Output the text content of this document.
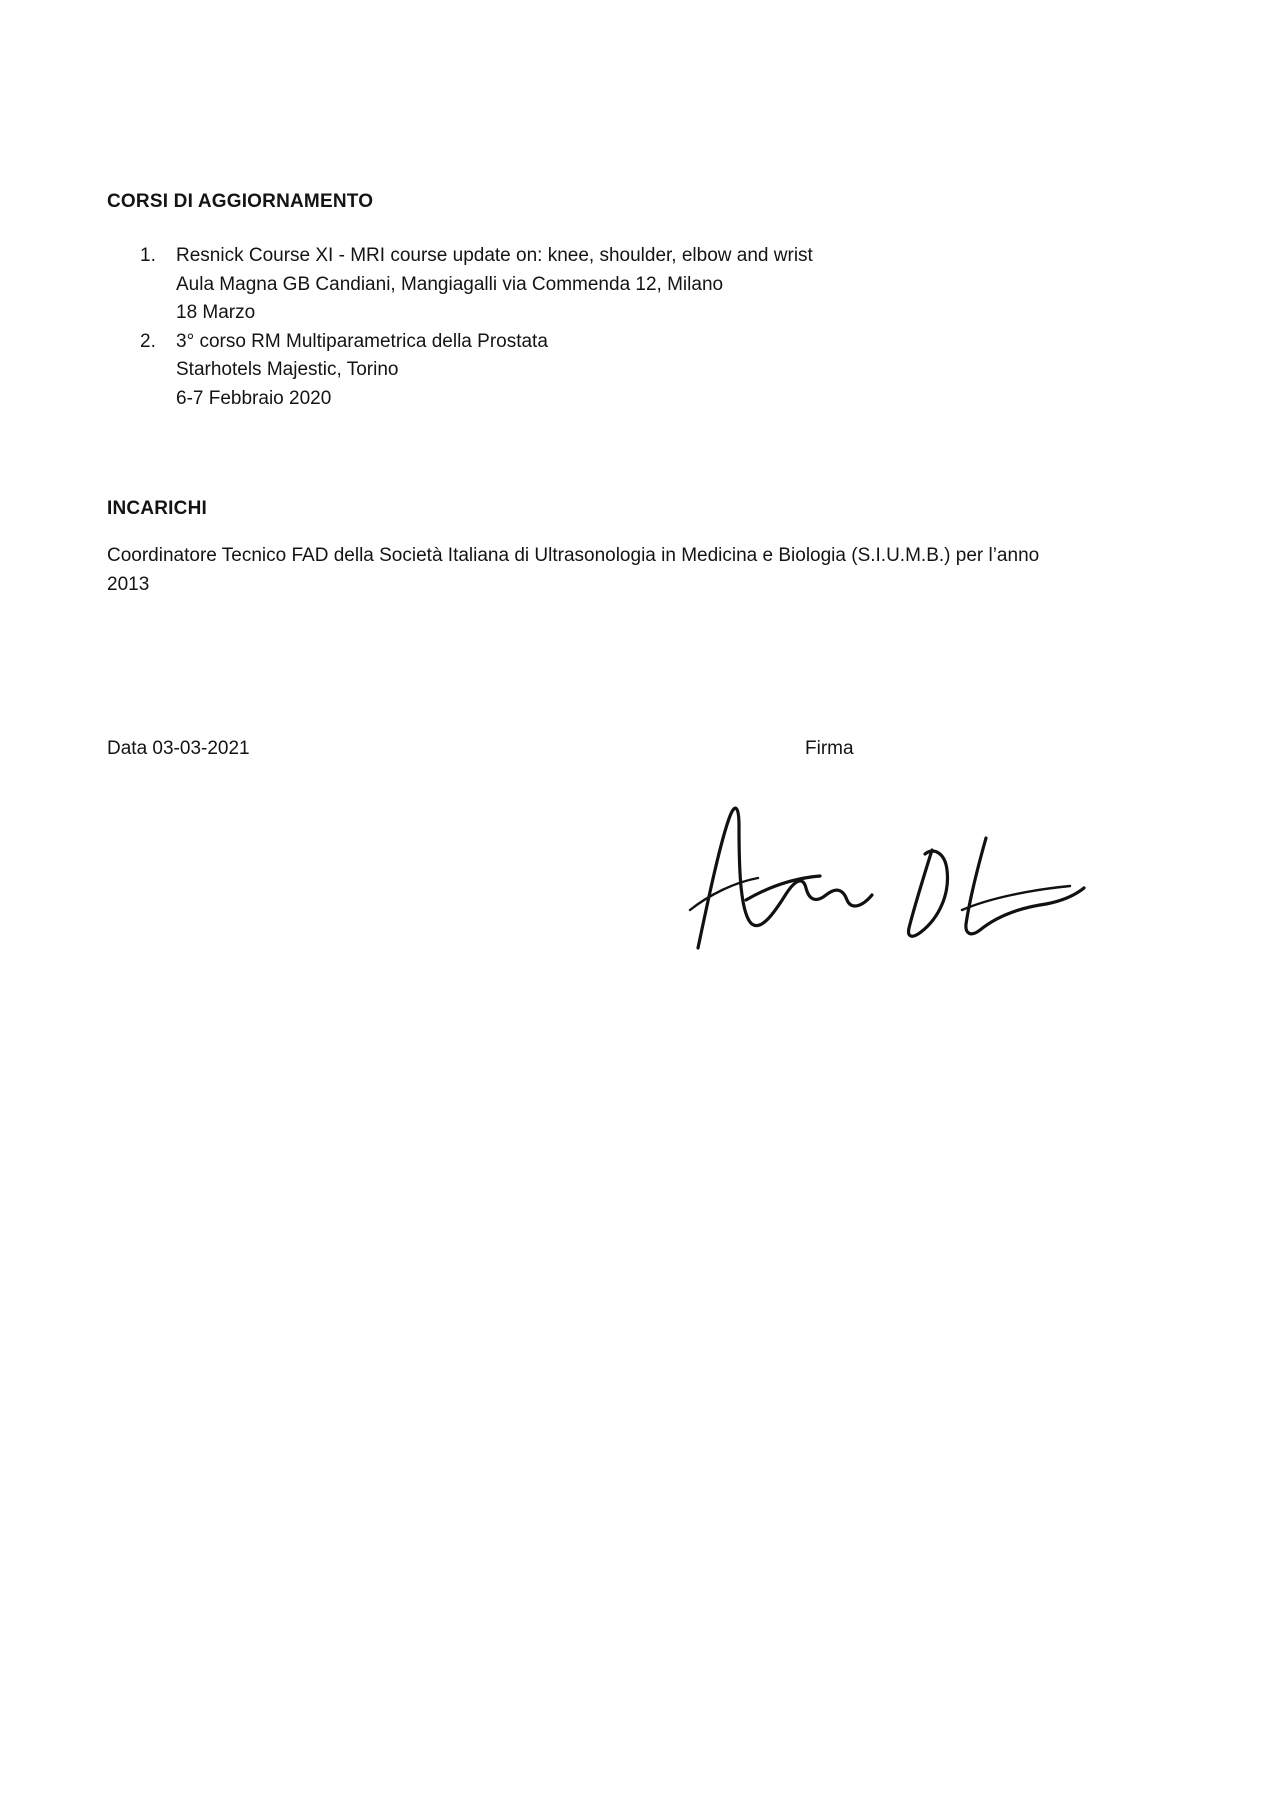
CORSI DI AGGIORNAMENTO
1.	Resnick Course XI - MRI course update on: knee, shoulder, elbow and wrist
Aula Magna GB Candiani, Mangiagalli via Commenda 12, Milano
18 Marzo
2.	3° corso RM Multiparametrica della Prostata
Starhotels Majestic, Torino
6-7 Febbraio 2020
INCARICHI
Coordinatore Tecnico FAD della Società Italiana di Ultrasonologia in Medicina e Biologia (S.I.U.M.B.) per l’anno 2013
Data 03-03-2021	Firma
